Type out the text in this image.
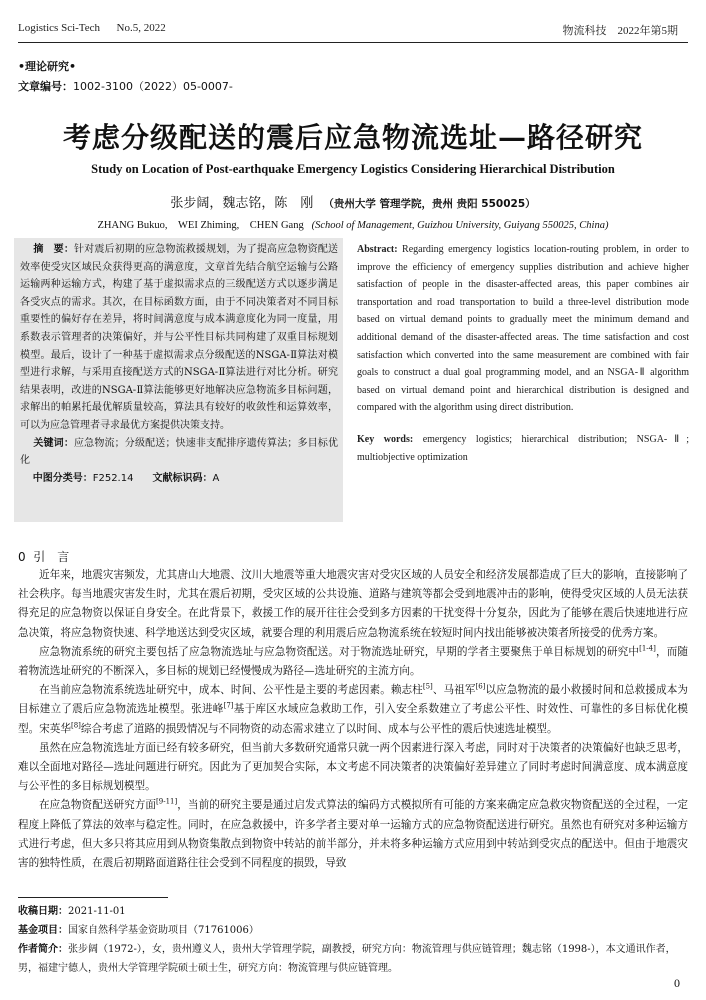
Logistics Sci-Tech No.5, 2022	物流科技 2022年第5期
•理论研究•
文章编号：1002-3100（2022）05-0007-
考虑分级配送的震后应急物流选址—路径研究
Study on Location of Post-earthquake Emergency Logistics Considering Hierarchical Distribution
张步阔，魏志铭，陈　刚 （贵州大学 管理学院，贵州 贵阳 550025）
ZHANG Bukuo,　WEI Zhiming,　CHEN Gang (School of Management, Guizhou University, Guiyang 550025, China)
摘　要：针对震后初期的应急物流救援规划，为了提高应急物资配送效率使受灾区域民众获得更高的满意度，文章首先结合航空运输与公路运输两种运输方式，构建了基于虚拟需求点的三级配送方式以逐步满足各受灾点的需求。其次，在目标函数方面，由于不同决策者对不同目标重要性的偏好存在差异，将时间满意度与成本满意度化为同一度量，用系数表示管理者的决策偏好，并与公平性目标共同构建了双重目标规划模型。最后，设计了一种基于虚拟需求点分级配送的NSGA-Ⅱ算法对模型进行求解，与采用直接配送方式的NSGA-Ⅱ算法进行对比分析。研究结果表明，改进的NSGA-Ⅱ算法能够更好地解决应急物流多目标问题，求解出的帕累托最优解质量较高，算法具有较好的收敛性和运算效率，可以为应急管理者寻求最优方案提供决策支持。
关键词：应急物流；分级配送；快速非支配排序遗传算法；多目标优化
中图分类号：F252.14 文献标识码：A
Abstract: Regarding emergency logistics location-routing problem, in order to improve the efficiency of emergency supplies distribution and achieve higher satisfaction of people in the disaster-affected areas, this paper combines air transportation and road transportation to build a three-level distribution mode based on virtual demand points to gradually meet the minimum demand and additional demand of the disaster-affected areas. The time satisfaction and cost satisfaction which converted into the same measurement are combined with fair goals to construct a dual goal programming model, and an NSGA-Ⅱ algorithm based on virtual demand point and hierarchical distribution is designed and compared with the algorithm using direct distribution.
Key words: emergency logistics; hierarchical distribution; NSGA-Ⅱ; multiobjective optimization
0 引　言

近年来，地震灾害频发，尤其唐山大地震、汶川大地震等重大地震灾害对受灾区域的人员安全和经济发展都造成了巨大的影响，直接影响了社会秩序。每当地震灾害发生时，尤其在震后初期，受灾区域的公共设施、道路与建筑等都会受到地震冲击的影响，使得受灾区域的人员无法获得充足的应急物资以保证自身安全。在此背景下，救援工作的展开往往会受到多方因素的干扰变得十分复杂，因此为了能够在震后快速地进行应急决策，将应急物资快速、科学地送达到受灾区域，就要合理的利用震后应急物流系统在较短时间内找出能够被决策者所接受的优秀方案。

应急物流系统的研究主要包括了应急物流选址与应急物资配送。对于物流选址研究，早期的学者主要聚焦于单目标规划的研究中[1-4]，而随着物流选址研究的不断深入，多目标的规划已经慢慢成为路径—选址研究的主流方向。

在当前应急物流系统选址研究中，成本、时间、公平性是主要的考虑因素。赖志柱[5]、马祖军[6]以应急物流的最小救援时间和总救援成本为目标建立了震后应急物流选址模型。张进峰[7]基于库区水域应急救助工作，引入安全系数建立了考虑公平性、时效性、可靠性的多目标优化模型。宋英华[8]综合考虑了道路的损毁情况与不同物资的动态需求建立了以时间、成本与公平性的震后快速选址模型。

虽然在应急物流选址方面已经有较多研究，但当前大多数研究通常只就一两个因素进行深入考虑，同时对于决策者的决策偏好也缺乏思考，难以全面地对路径—选址问题进行研究。因此为了更加契合实际，本文考虑不同决策者的决策偏好差异建立了同时考虑时间满意度、成本满意度与公平性的多目标规划模型。

在应急物资配送研究方面[9-11]，当前的研究主要是通过启发式算法的编码方式模拟所有可能的方案来确定应急救灾物资配送的全过程，一定程度上降低了算法的效率与稳定性。同时，在应急救援中，许多学者主要对单一运输方式的应急物资配送进行研究。虽然也有研究对多种运输方式进行考虑，但大多只将其应用到从物资集散点到物资中转站的前半部分，并未将多种运输方式应用到中转站到受灾点的配送中。但由于地震灾害的独特性质，在震后初期路面道路往往会受到不同程度的损毁，导致

收稿日期：2021-11-01
基金项目：国家自然科学基金资助项目（71761006）
作者简介：张步阔（1972-），女，贵州遵义人，贵州大学管理学院，副教授，研究方向：物流管理与供应链管理；魏志铭（1998-），本文通讯作者，男，福建宁德人，贵州大学管理学院硕士硕士生，研究方向：物流管理与供应链管理。
0
